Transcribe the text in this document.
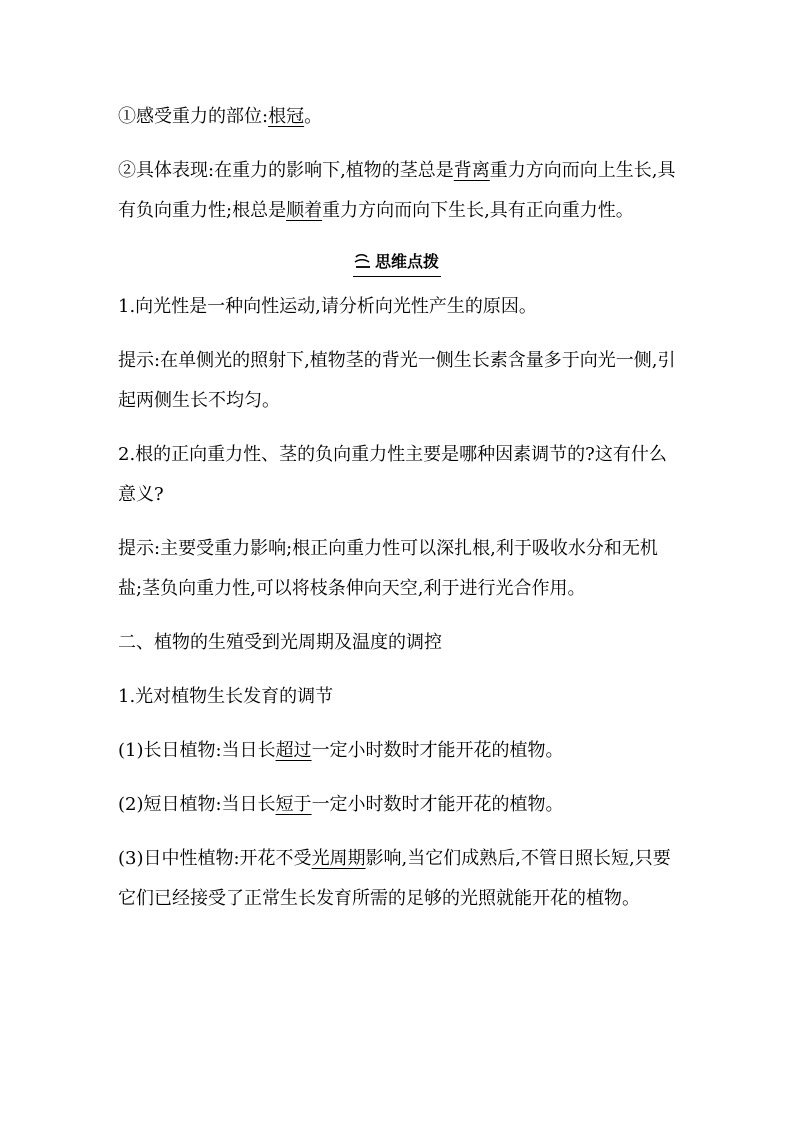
①感受重力的部位:根冠。

②具体表现:在重力的影响下,植物的茎总是背离重力方向而向上生长,具有负向重力性;根总是顺着重力方向而向下生长,具有正向重力性。

思维点拨

1.向光性是一种向性运动,请分析向光性产生的原因。

提示:在单侧光的照射下,植物茎的背光一侧生长素含量多于向光一侧,引起两侧生长不均匀。

2.根的正向重力性、茎的负向重力性主要是哪种因素调节的?这有什么意义?

提示:主要受重力影响;根正向重力性可以深扎根,利于吸收水分和无机盐;茎负向重力性,可以将枝条伸向天空,利于进行光合作用。

二、植物的生殖受到光周期及温度的调控

1.光对植物生长发育的调节

(1)长日植物:当日长超过一定小时数时才能开花的植物。

(2)短日植物:当日长短于一定小时数时才能开花的植物。

(3)日中性植物:开花不受光周期影响,当它们成熟后,不管日照长短,只要它们已经接受了正常生长发育所需的足够的光照就能开花的植物。
